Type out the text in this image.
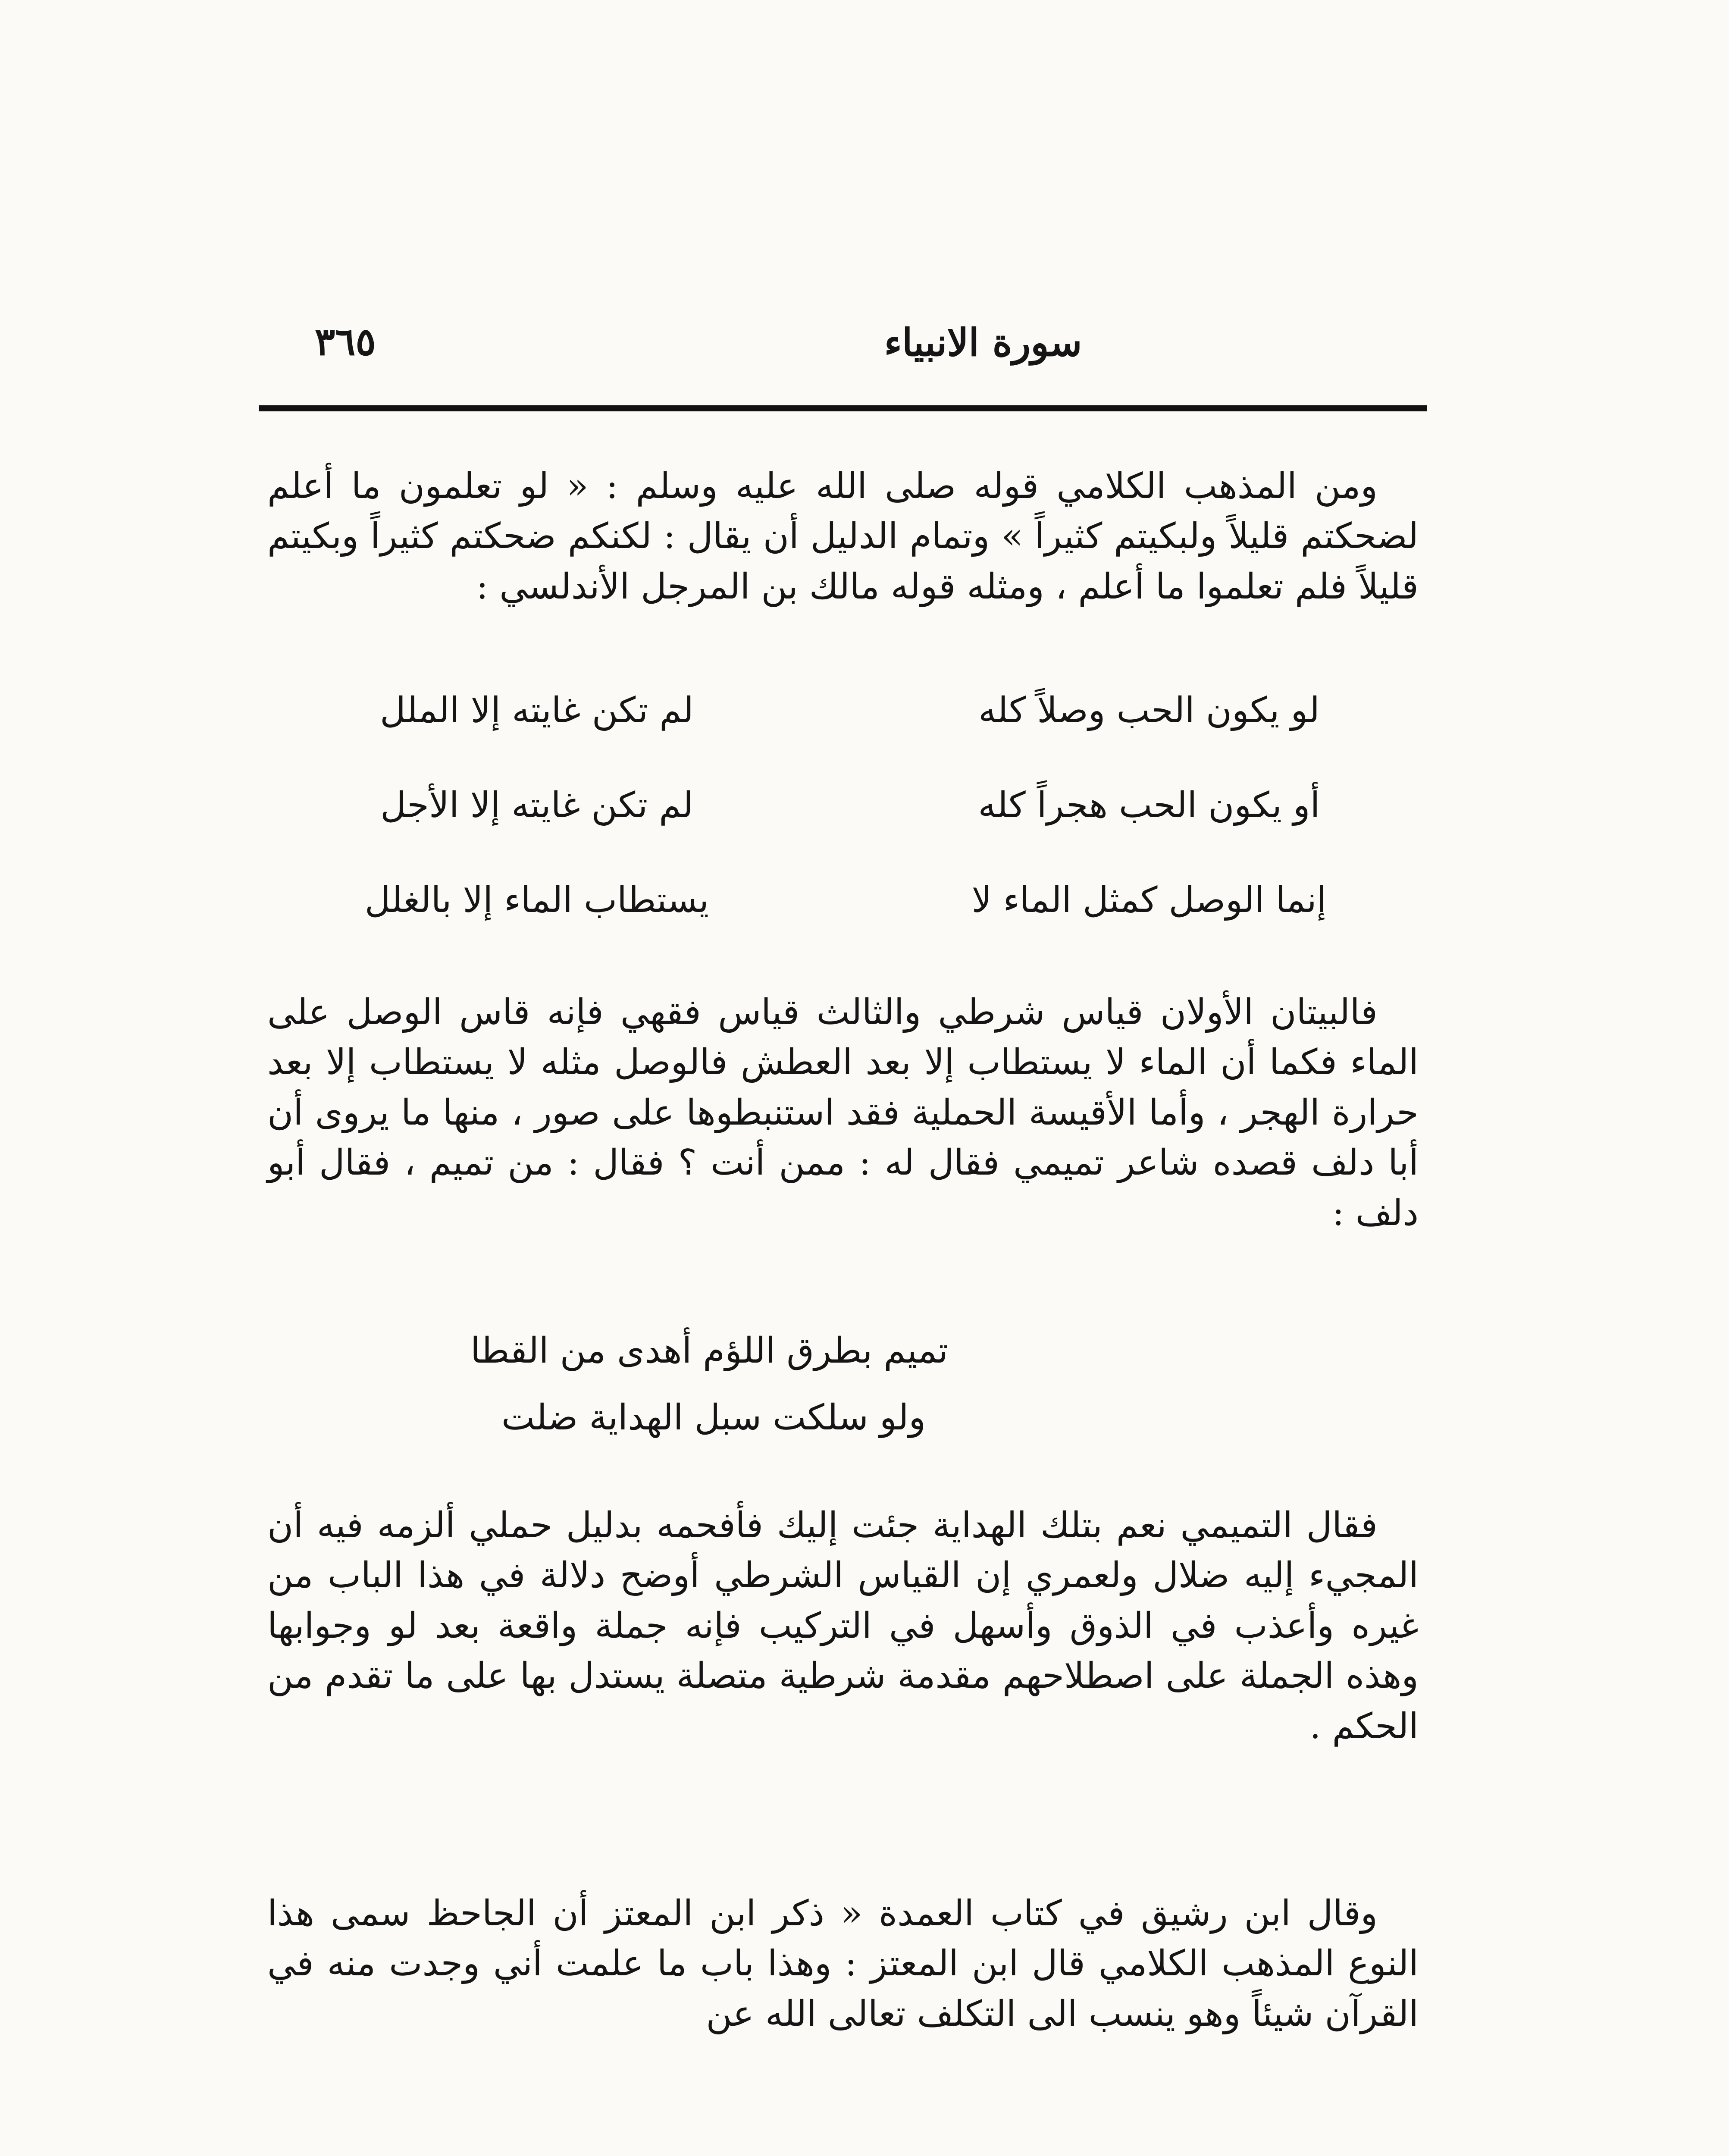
٣٦٥	سورة الانبياء

ومن المذهب الكلامي قوله صلى الله عليه وسلم : « لو تعلمون ما أعلم لضحكتم قليلاً ولبكيتم كثيراً » وتمام الدليل أن يقال : لكنكم ضحكتم كثيراً وبكيتم قليلاً فلم تعلموا ما أعلم ، ومثله قوله مالك بن المرجل الأندلسي :

لو يكون الحب وصلاً كله
لم تكن غايته إلا الملل
أو يكون الحب هجراً كله
لم تكن غايته إلا الأجل
إنما الوصل كمثل الماء لا
يستطاب الماء إلا بالغلل

فالبيتان الأولان قياس شرطي والثالث قياس فقهي فإنه قاس الوصل على الماء فكما أن الماء لا يستطاب إلا بعد العطش فالوصل مثله لا يستطاب إلا بعد حرارة الهجر ، وأما الأقيسة الحملية فقد استنبطوها على صور ، منها ما يروى أن أبا دلف قصده شاعر تميمي فقال له : ممن أنت ؟ فقال : من تميم ، فقال أبو دلف :

تميم بطرق اللؤم أهدى من القطا
ولو سلكت سبل الهداية ضلت

فقال التميمي نعم بتلك الهداية جئت إليك فأفحمه بدليل حملي ألزمه فيه أن المجيء إليه ضلال ولعمري إن القياس الشرطي أوضح دلالة في هذا الباب من غيره وأعذب في الذوق وأسهل في التركيب فإنه جملة واقعة بعد لو وجوابها وهذه الجملة على اصطلاحهم مقدمة شرطية متصلة يستدل بها على ما تقدم من الحكم .

وقال ابن رشيق في كتاب العمدة « ذكر ابن المعتز أن الجاحظ سمى هذا النوع المذهب الكلامي قال ابن المعتز : وهذا باب ما علمت أني وجدت منه في القرآن شيئاً وهو ينسب الى التكلف تعالى الله عن
